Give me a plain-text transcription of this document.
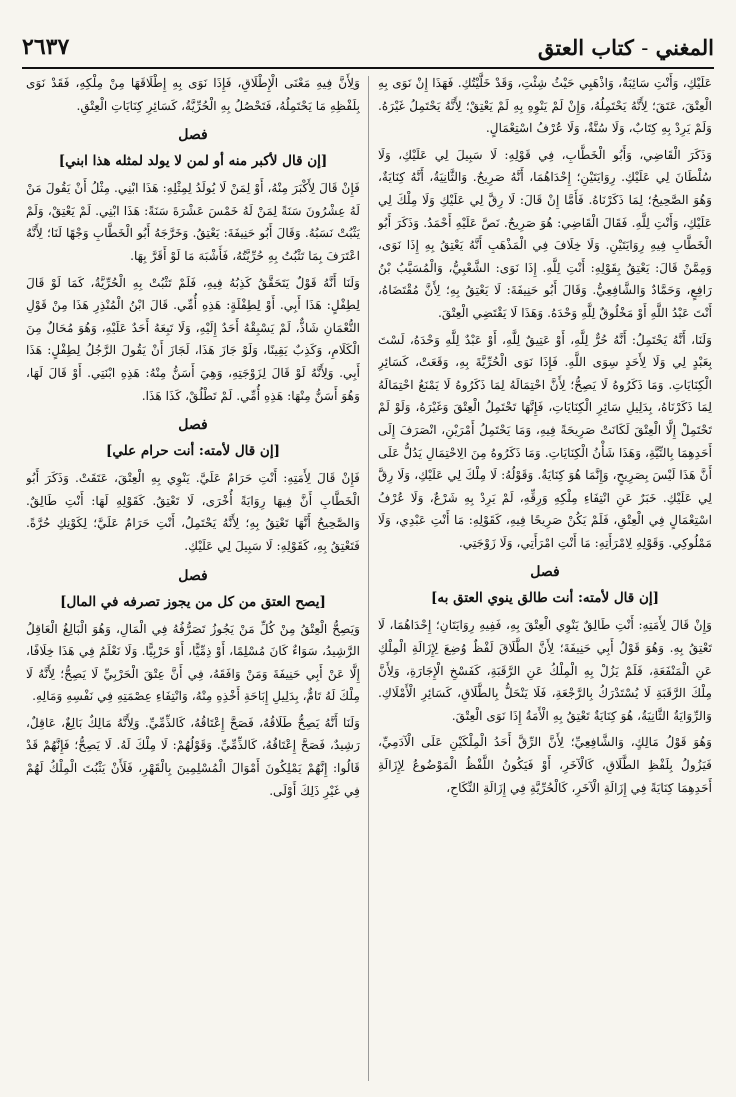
المغني - كتاب العتق
٢٦٣٧

عَلَيْكِ، وَأَنْتِ سَائِبَةٌ، وَاذْهَبِي حَيْثُ شِئْتِ، وَقَدْ خَلَّيْتُكِ. فَهَذَا إِنْ نَوَى بِهِ الْعِتْقَ، عَتَقَ؛ لِأَنَّهُ يَحْتَمِلُهُ، وَإِنْ لَمْ يَنْوِهِ بِهِ لَمْ يَعْتِقْ؛ لِأَنَّهُ يَحْتَمِلُ غَيْرَهُ. وَلَمْ يَرِدْ بِهِ كِتَابٌ، وَلَا سُنَّةٌ، وَلَا عُرْفُ اسْتِعْمَالٍ.

وَذَكَرَ الْقَاضِي، وَأَبُو الْخَطَّابِ، فِي قَوْلِهِ: لَا سَبِيلَ لِي عَلَيْكِ، وَلَا سُلْطَانَ لِي عَلَيْكِ. رِوَايَتَيْنِ؛ إِحْدَاهُمَا، أَنَّهُ صَرِيحٌ. وَالثَّانِيَةُ، أَنَّهُ كِنَايَةٌ، وَهُوَ الصَّحِيحُ؛ لِمَا ذَكَرْنَاهُ. فَأَمَّا إِنْ قَالَ: لَا رِقَّ لِي عَلَيْكِ وَلَا مِلْكَ لِي عَلَيْكِ، وَأَنْتِ لِلَّهِ. فَقَالَ الْقَاضِي: هُوَ صَرِيحٌ. نَصَّ عَلَيْهِ أَحْمَدُ. وَذَكَرَ أَبُو الْخَطَّابِ فِيهِ رِوَايَتَيْنِ. وَلَا خِلَافَ فِي الْمَذْهَبِ أَنَّهُ يَعْتِقُ بِهِ إِذَا نَوَى، وَمِمَّنْ قَالَ: يَعْتِقُ بِقَوْلِهِ: أَنْتِ لِلَّهِ. إِذَا نَوَى: الشَّعْبِيُّ، وَالْمُسَيَّبُ بْنُ رَافِعٍ، وَحَمَّادٌ وَالشَّافِعِيُّ. وَقَالَ أَبُو حَنِيفَةَ: لَا يَعْتِقُ بِهِ؛ لِأَنَّ مُقْتَضَاهُ، أَنْتَ عَبْدُ اللَّهِ أَوْ مَخْلُوقٌ لِلَّهِ وَحْدَهُ. وَهَذَا لَا يَقْتَضِي الْعِتْقَ.

وَلَنَا، أَنَّهُ يَحْتَمِلُ: أَنَّهُ حُرٌّ لِلَّهِ، أَوْ عَتِيقٌ لِلَّهِ، أَوْ عَبْدٌ لِلَّهِ وَحْدَهُ، لَسْتَ بِعَبْدٍ لِي وَلَا لِأَحَدٍ سِوَى اللَّهِ. فَإِذَا نَوَى الْحُرِّيَّةَ بِهِ، وَقَعَتْ، كَسَائِرِ الْكِنَايَاتِ. وَمَا ذَكَرُوهُ لَا يَصِحُّ؛ لِأَنَّ احْتِمَالَهُ لِمَا ذَكَرُوهُ لَا يَمْنَعُ احْتِمَالَهُ لِمَا ذَكَرْنَاهُ، بِدَلِيلِ سَائِرِ الْكِنَايَاتِ، فَإِنَّهَا تَحْتَمِلُ الْعِتْقَ وَغَيْرَهُ، وَلَوْ لَمْ تَحْتَمِلْ إِلَّا الْعِتْقَ لَكَانَتْ صَرِيحَةً فِيهِ، وَمَا يَحْتَمِلُ أَمْرَيْنِ، انْصَرَفَ إِلَى أَحَدِهِمَا بِالنِّيَّةِ، وَهَذَا شَأْنُ الْكِنَايَاتِ. وَمَا ذَكَرُوهُ مِنَ الِاحْتِمَالِ يَدُلُّ عَلَى أَنَّ هَذَا لَيْسَ بِصَرِيحٍ، وَإِنَّمَا هُوَ كِنَايَةٌ. وَقَوْلُهُ: لَا مِلْكَ لِي عَلَيْكِ، وَلَا رِقَّ لِي عَلَيْكِ. خَبَرٌ عَنِ انْتِفَاءِ مِلْكِهِ وَرِقِّهِ، لَمْ يَرِدْ بِهِ شَرْعٌ، وَلَا عُرْفُ اسْتِعْمَالٍ فِي الْعِتْقِ، فَلَمْ يَكُنْ صَرِيحًا فِيهِ، كَقَوْلِهِ: مَا أَنْتِ عَبْدِي، وَلَا مَمْلُوكِي. وَقَوْلِهِ لِامْرَأَتِهِ: مَا أَنْتِ امْرَأَتِي، وَلَا زَوْجَتِي.

فصل
[إن قال لأمته: أنت طالق ينوي العتق به]

وَإِنْ قَالَ لِأَمَتِهِ: أَنْتِ طَالِقٌ يَنْوِي الْعِتْقَ بِهِ، فَفِيهِ رِوَايَتَانِ؛ إِحْدَاهُمَا، لَا تَعْتِقُ بِهِ. وَهُوَ قَوْلُ أَبِي حَنِيفَةَ؛ لِأَنَّ الطَّلَاقَ لَفْظٌ وُضِعَ لِإِزَالَةِ الْمِلْكِ عَنِ الْمَنْفَعَةِ، فَلَمْ يَزُلْ بِهِ الْمِلْكُ عَنِ الرَّقَبَةِ، كَفَسْخِ الْإِجَارَةِ، وَلِأَنَّ مِلْكَ الرَّقَبَةِ لَا يُسْتَدْرَكُ بِالرَّجْعَةِ، فَلَا يَنْحَلُّ بِالطَّلَاقِ، كَسَائِرِ الْأَمْلَاكِ. وَالرِّوَايَةُ الثَّانِيَةُ، هُوَ كِنَايَةٌ تَعْتِقُ بِهِ الْأَمَةُ إِذَا نَوَى الْعِتْقَ.

وَهُوَ قَوْلُ مَالِكٍ، وَالشَّافِعِيِّ؛ لِأَنَّ الرِّقَّ أَحَدُ الْمِلْكَيْنِ عَلَى الْآدَمِيِّ، فَيَزُولُ بِلَفْظِ الطَّلَاقِ، كَالْآخَرِ، أَوْ فَيَكُونُ اللَّفْظُ الْمَوْضُوعُ لِإِزَالَةِ أَحَدِهِمَا كِنَايَةً فِي إِزَالَةِ الْآخَرِ، كَالْحُرِّيَّةِ فِي إِزَالَةِ النِّكَاحِ،

وَلِأَنَّ فِيهِ مَعْنَى الْإِطْلَاقِ، فَإِذَا نَوَى بِهِ إِطْلَاقَهَا مِنْ مِلْكِهِ، فَقَدْ نَوَى بِلَفْظِهِ مَا يَحْتَمِلُهُ، فَتَحْصُلُ بِهِ الْحُرِّيَّةُ، كَسَائِرِ كِنَايَاتِ الْعِتْقِ.

فصل
[إن قال لأكبر منه أو لمن لا يولد لمثله هذا ابني]

فَإِنْ قَالَ لِأَكْبَرَ مِنْهُ، أَوْ لِمَنْ لَا يُولَدُ لِمِثْلِهِ: هَذَا ابْنِي. مِثْلُ أَنْ يَقُولَ مَنْ لَهُ عِشْرُونَ سَنَةً لِمَنْ لَهُ خَمْسَ عَشْرَةَ سَنَةً: هَذَا ابْنِي. لَمْ يَعْتِقْ، وَلَمْ يَثْبُتْ نَسَبُهُ. وَقَالَ أَبُو حَنِيفَةَ: يَعْتِقُ. وَخَرَّجَهُ أَبُو الْخَطَّابِ وَجْهًا لَنَا؛ لِأَنَّهُ اعْتَرَفَ بِمَا تَثْبُتُ بِهِ حُرِّيَّتُهُ، فَأَشْبَهَ مَا لَوْ أَقَرَّ بِهَا.

وَلَنَا أَنَّهُ قَوْلٌ يَتَحَقَّقُ كَذِبُهُ فِيهِ، فَلَمْ تَثْبُتْ بِهِ الْحُرِّيَّةُ، كَمَا لَوْ قَالَ لِطِفْلٍ: هَذَا أَبِي. أَوْ لِطِفْلَةٍ: هَذِهِ أُمِّي. قَالَ ابْنُ الْمُنْذِرِ هَذَا مِنْ قَوْلِ النُّعْمَانِ شَاذٌّ، لَمْ يَسْبِقْهُ أَحَدٌ إِلَيْهِ، وَلَا تَبِعَهُ أَحَدٌ عَلَيْهِ، وَهُوَ مُحَالٌ مِنَ الْكَلَامِ، وَكَذِبٌ يَقِينًا، وَلَوْ جَازَ هَذَا، لَجَازَ أَنْ يَقُولَ الرَّجُلُ لِطِفْلٍ: هَذَا أَبِي. وَلِأَنَّهُ لَوْ قَالَ لِزَوْجَتِهِ، وَهِيَ أَسَنُّ مِنْهُ: هَذِهِ ابْنَتِي. أَوْ قَالَ لَهَا، وَهُوَ أَسَنُّ مِنْهَا: هَذِهِ أُمِّي. لَمْ تَطْلُقْ، كَذَا هَذَا.

فصل
[إن قال لأمته: أنت حرام علي]

فَإِنْ قَالَ لِأَمَتِهِ: أَنْتِ حَرَامٌ عَلَيَّ. يَنْوِي بِهِ الْعِتْقَ، عَتَقَتْ. وَذَكَرَ أَبُو الْخَطَّابِ أَنَّ فِيهَا رِوَايَةً أُخْرَى، لَا تَعْتِقُ. كَقَوْلِهِ لَهَا: أَنْتِ طَالِقٌ. وَالصَّحِيحُ أَنَّهَا تَعْتِقُ بِهِ؛ لِأَنَّهُ يَحْتَمِلُ، أَنْتِ حَرَامٌ عَلَيَّ؛ لِكَوْنِكِ حُرَّةً. فَتَعْتِقُ بِهِ، كَقَوْلِهِ: لَا سَبِيلَ لِي عَلَيْكِ.

فصل
[يصح العتق من كل من يجوز تصرفه في المال]

وَيَصِحُّ الْعِتْقُ مِنْ كُلِّ مَنْ يَجُوزُ تَصَرُّفُهُ فِي الْمَالِ، وَهُوَ الْبَالِغُ الْعَاقِلُ الرَّشِيدُ، سَوَاءٌ كَانَ مُسْلِمًا، أَوْ ذِمِّيًّا، أَوْ حَرْبِيًّا. وَلَا نَعْلَمُ فِي هَذَا خِلَافًا، إِلَّا عَنْ أَبِي حَنِيفَةَ وَمَنْ وَافَقَهُ، فِي أَنَّ عِتْقَ الْحَرْبِيِّ لَا يَصِحُّ؛ لِأَنَّهُ لَا مِلْكَ لَهُ تَامٌّ، بِدَلِيلِ إِبَاحَةِ أَخْذِهِ مِنْهُ، وَانْتِفَاءِ عِصْمَتِهِ فِي نَفْسِهِ وَمَالِهِ.

وَلَنَا أَنَّهُ يَصِحُّ طَلَاقُهُ، فَصَحَّ إِعْتَاقُهُ، كَالذِّمِّيِّ. وَلِأَنَّهُ مَالِكٌ بَالِغٌ، عَاقِلٌ، رَشِيدٌ، فَصَحَّ إِعْتَاقُهُ، كَالذِّمِّيِّ. وَقَوْلُهُمْ: لَا مِلْكَ لَهُ. لَا يَصِحُّ؛ فَإِنَّهُمْ قَدْ قَالُوا: إِنَّهُمْ يَمْلِكُونَ أَمْوَالَ الْمُسْلِمِينَ بِالْقَهْرِ، فَلَأَنْ يَثْبُتَ الْمِلْكُ لَهُمْ فِي غَيْرِ ذَلِكَ أَوْلَى.
